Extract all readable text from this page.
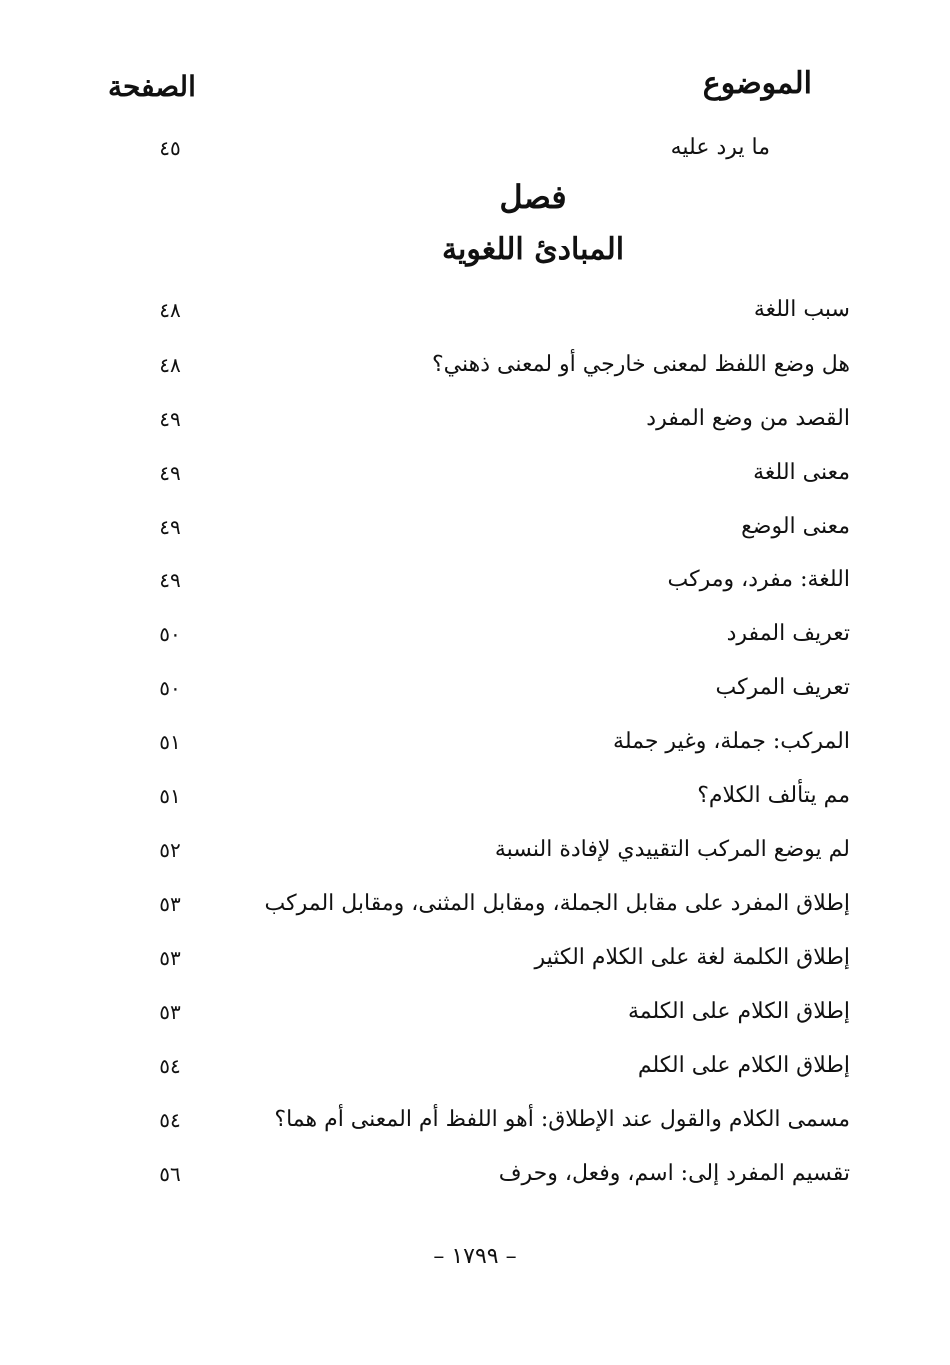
الموضوع
الصفحة
ما يرد عليه
٤٥
فصل
المبادئ اللغوية
سبب اللغة
٤٨
هل وضع اللفظ لمعنى خارجي أو لمعنى ذهني؟
٤٨
القصد من وضع المفرد
٤٩
معنى اللغة
٤٩
معنى الوضع
٤٩
اللغة: مفرد، ومركب
٤٩
تعريف المفرد
٥٠
تعريف المركب
٥٠
المركب: جملة، وغير جملة
٥١
مم يتألف الكلام؟
٥١
لم يوضع المركب التقييدي لإفادة النسبة
٥٢
إطلاق المفرد على مقابل الجملة، ومقابل المثنى، ومقابل المركب
٥٣
إطلاق الكلمة لغة على الكلام الكثير
٥٣
إطلاق الكلام على الكلمة
٥٣
إطلاق الكلام على الكلم
٥٤
مسمى الكلام والقول عند الإطلاق: أهو اللفظ أم المعنى أم هما؟
٥٤
تقسيم المفرد إلى: اسم، وفعل، وحرف
٥٦
– ١٧٩٩ –
